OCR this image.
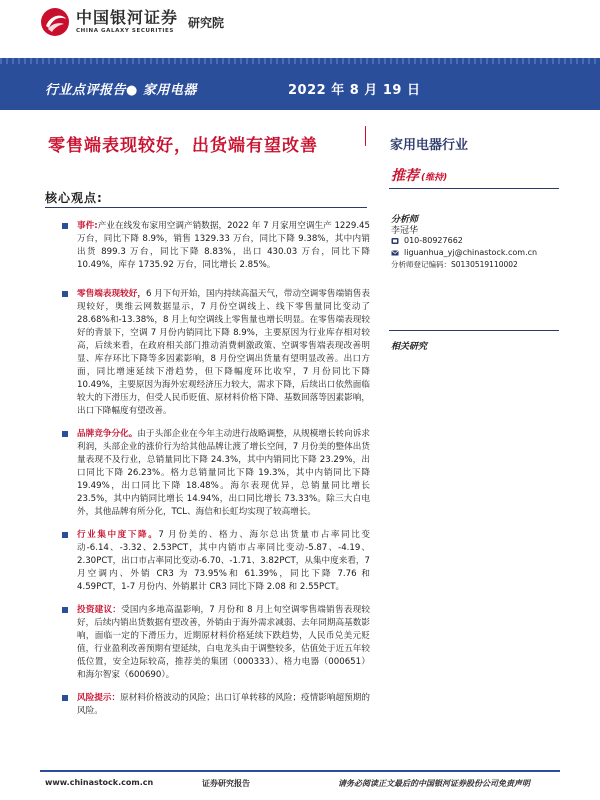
中国银河证券
CHINA GALAXY SECURITIES
研究院
行业点评报告● 家用电器	2022 年 8 月 19 日
零售端表现较好，出货端有望改善	家用电器行业
推荐 (维持)
分析师
李冠华
010-80927662
liguanhua_yj@chinastock.com.cn
分析师登记编码：S0130519110002
相关研究
核心观点:
事件:产业在线发布家用空调产销数据，2022 年 7 月家用空调生产 1229.45 万台，同比下降 8.9%，销售 1329.33 万台，同比下降 9.38%，其中内销出货 899.3 万台，同比下降 8.83%，出口 430.03 万台，同比下降 10.49%，库存 1735.92 万台，同比增长 2.85%。
零售端表现较好，6 月下旬开始，国内持续高温天气，带动空调零售端销售表现较好，奥维云网数据显示，7 月份空调线上、线下零售量同比变动了 28.68%和-13.38%，8 月上旬空调线上零售量也增长明显。在零售端表现较好的背景下，空调 7 月份内销同比下降 8.9%，主要原因为行业库存相对较高，后续来看，在政府相关部门推动消费刺激政策、空调零售端表现改善明显、库存环比下降等多因素影响，8 月份空调出货量有望明显改善。出口方面，同比增速延续下滑趋势，但下降幅度环比收窄，7 月份同比下降 10.49%，主要原因为海外宏观经济压力较大，需求下降，后续出口依然面临较大的下滑压力，但受人民币贬值、原材料价格下降、基数回落等因素影响，出口下降幅度有望改善。
品牌竞争分化。由于头部企业在今年主动进行战略调整，从规模增长转向诉求利润，头部企业的涨价行为给其他品牌让渡了增长空间，7 月份美的整体出货量表现不及行业，总销量同比下降 24.3%，其中内销同比下降 23.29%，出口同比下降 26.23%。格力总销量同比下降 19.3%，其中内销同比下降 19.49%，出口同比下降 18.48%。海尔表现优异，总销量同比增长 23.5%，其中内销同比增长 14.94%，出口同比增长 73.33%。除三大白电外，其他品牌有所分化，TCL、海信和长虹均实现了较高增长。
行业集中度下降。7 月份美的、格力、海尔总出货量市占率同比变动-6.14、-3.32、2.53PCT，其中内销市占率同比变动-5.87、-4.19、2.30PCT，出口市占率同比变动-6.70、-1.71、3.82PCT，从集中度来看，7 月空调内、外销 CR3 为 73.95%和 61.39%，同比下降 7.76 和 4.59PCT，1-7 月份内、外销累计 CR3 同比下降 2.08 和 2.55PCT。
投资建议：受国内多地高温影响，7 月份和 8 月上旬空调零售端销售表现较好，后续内销出货数据有望改善，外销由于海外需求减弱、去年同期高基数影响，面临一定的下滑压力，近期原材料价格延续下跌趋势，人民币兑美元贬值，行业盈利改善预期有望延续，白电龙头由于调整较多，估值处于近五年较低位置，安全边际较高，推荐美的集团（000333）、格力电器（000651）和海尔智家（600690）。
风险提示：原材料价格波动的风险；出口订单转移的风险；疫情影响超预期的风险。
www.chinastock.com.cn	证券研究报告	请务必阅读正文最后的中国银河证券股份公司免责声明
